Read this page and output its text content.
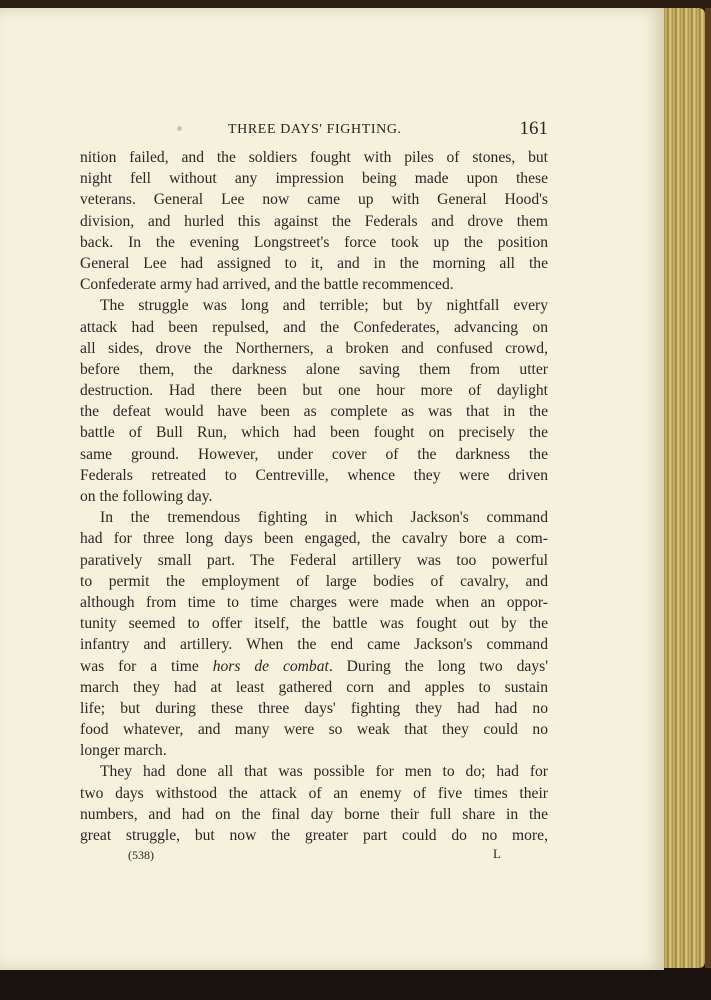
THREE DAYS' FIGHTING.	161
nition failed, and the soldiers fought with piles of stones, but
night fell without any impression being made upon these
veterans. General Lee now came up with General Hood's
division, and hurled this against the Federals and drove them
back. In the evening Longstreet's force took up the position
General Lee had assigned to it, and in the morning all the
Confederate army had arrived, and the battle recommenced.
The struggle was long and terrible; but by nightfall every
attack had been repulsed, and the Confederates, advancing on
all sides, drove the Northerners, a broken and confused crowd,
before them, the darkness alone saving them from utter
destruction. Had there been but one hour more of daylight
the defeat would have been as complete as was that in the
battle of Bull Run, which had been fought on precisely the
same ground. However, under cover of the darkness the
Federals retreated to Centreville, whence they were driven
on the following day.
In the tremendous fighting in which Jackson's command
had for three long days been engaged, the cavalry bore a com-
paratively small part. The Federal artillery was too powerful
to permit the employment of large bodies of cavalry, and
although from time to time charges were made when an oppor-
tunity seemed to offer itself, the battle was fought out by the
infantry and artillery. When the end came Jackson's command
was for a time hors de combat. During the long two days'
march they had at least gathered corn and apples to sustain
life; but during these three days' fighting they had had no
food whatever, and many were so weak that they could no
longer march.
They had done all that was possible for men to do; had for
two days withstood the attack of an enemy of five times their
numbers, and had on the final day borne their full share in the
great struggle, but now the greater part could do no more,
(538)	L
